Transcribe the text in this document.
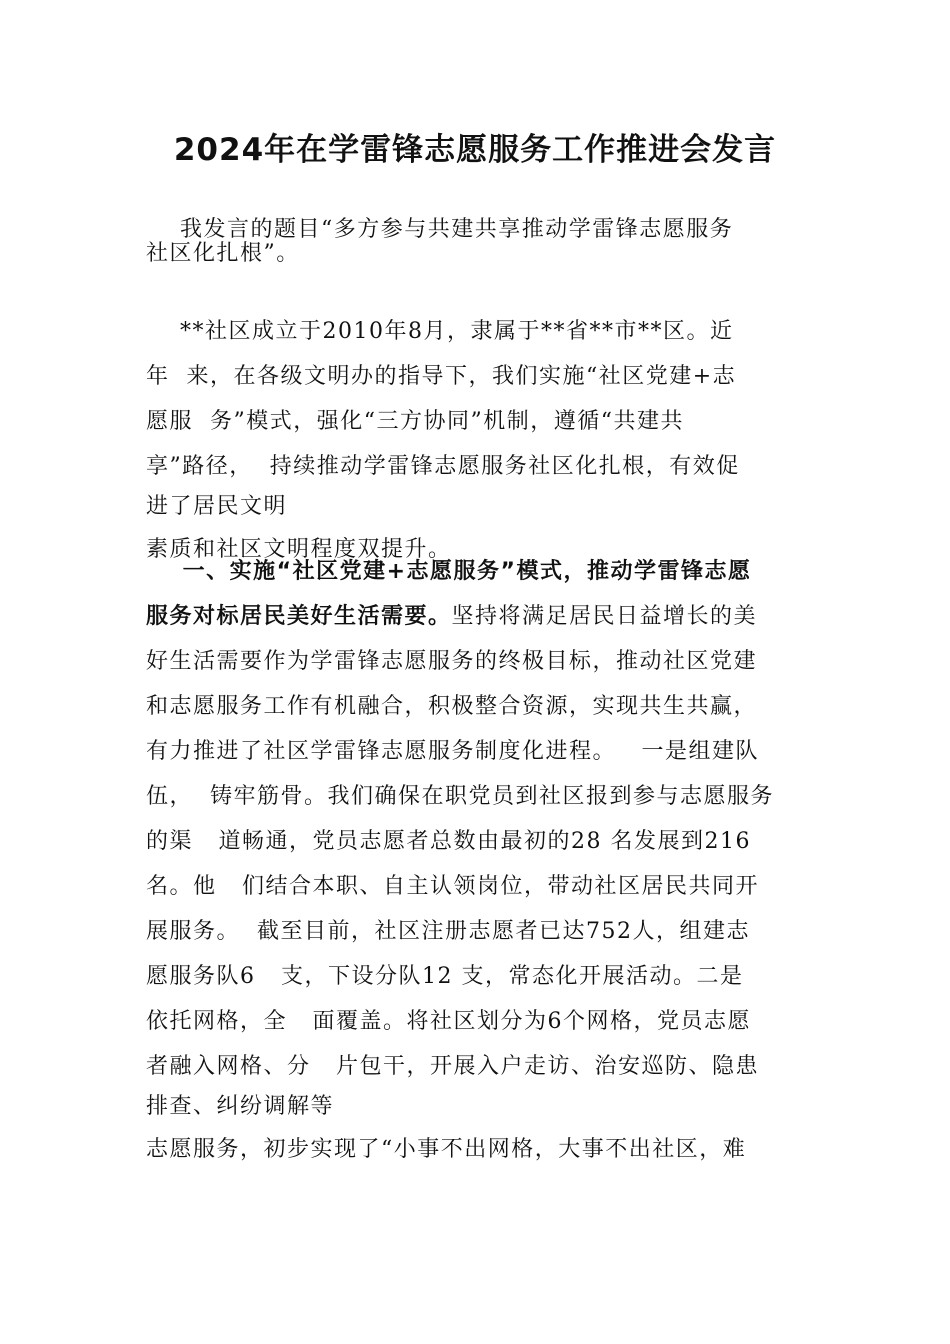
2024年在学雷锋志愿服务工作推进会发言
我发言的题目“多方参与共建共享推动学雷锋志愿服务
社区化扎根”。
**社区成立于2010年8月，隶属于**省**市**区。近
年  来，在各级文明办的指导下，我们实施“社区党建+志
愿服  务”模式，强化“三方协同”机制，遵循“共建共
享”路径，  持续推动学雷锋志愿服务社区化扎根，有效促
进了居民文明
素质和社区文明程度双提升。
一、实施“社区党建+志愿服务”模式，推动学雷锋志愿
服务对标居民美好生活需要。坚持将满足居民日益增长的美
好生活需要作为学雷锋志愿服务的终极目标，推动社区党建
和志愿服务工作有机融合，积极整合资源，实现共生共赢，
有力推进了社区学雷锋志愿服务制度化进程。   一是组建队
伍，  铸牢筋骨。我们确保在职党员到社区报到参与志愿服务
的渠   道畅通，党员志愿者总数由最初的28 名发展到216
名。他   们结合本职、自主认领岗位，带动社区居民共同开
展服务。  截至目前，社区注册志愿者已达752人，组建志
愿服务队6   支，下设分队12 支，常态化开展活动。二是
依托网格，全   面覆盖。将社区划分为6个网格，党员志愿
者融入网格、分   片包干，开展入户走访、治安巡防、隐患
排查、纠纷调解等
志愿服务，初步实现了“小事不出网格，大事不出社区，难
